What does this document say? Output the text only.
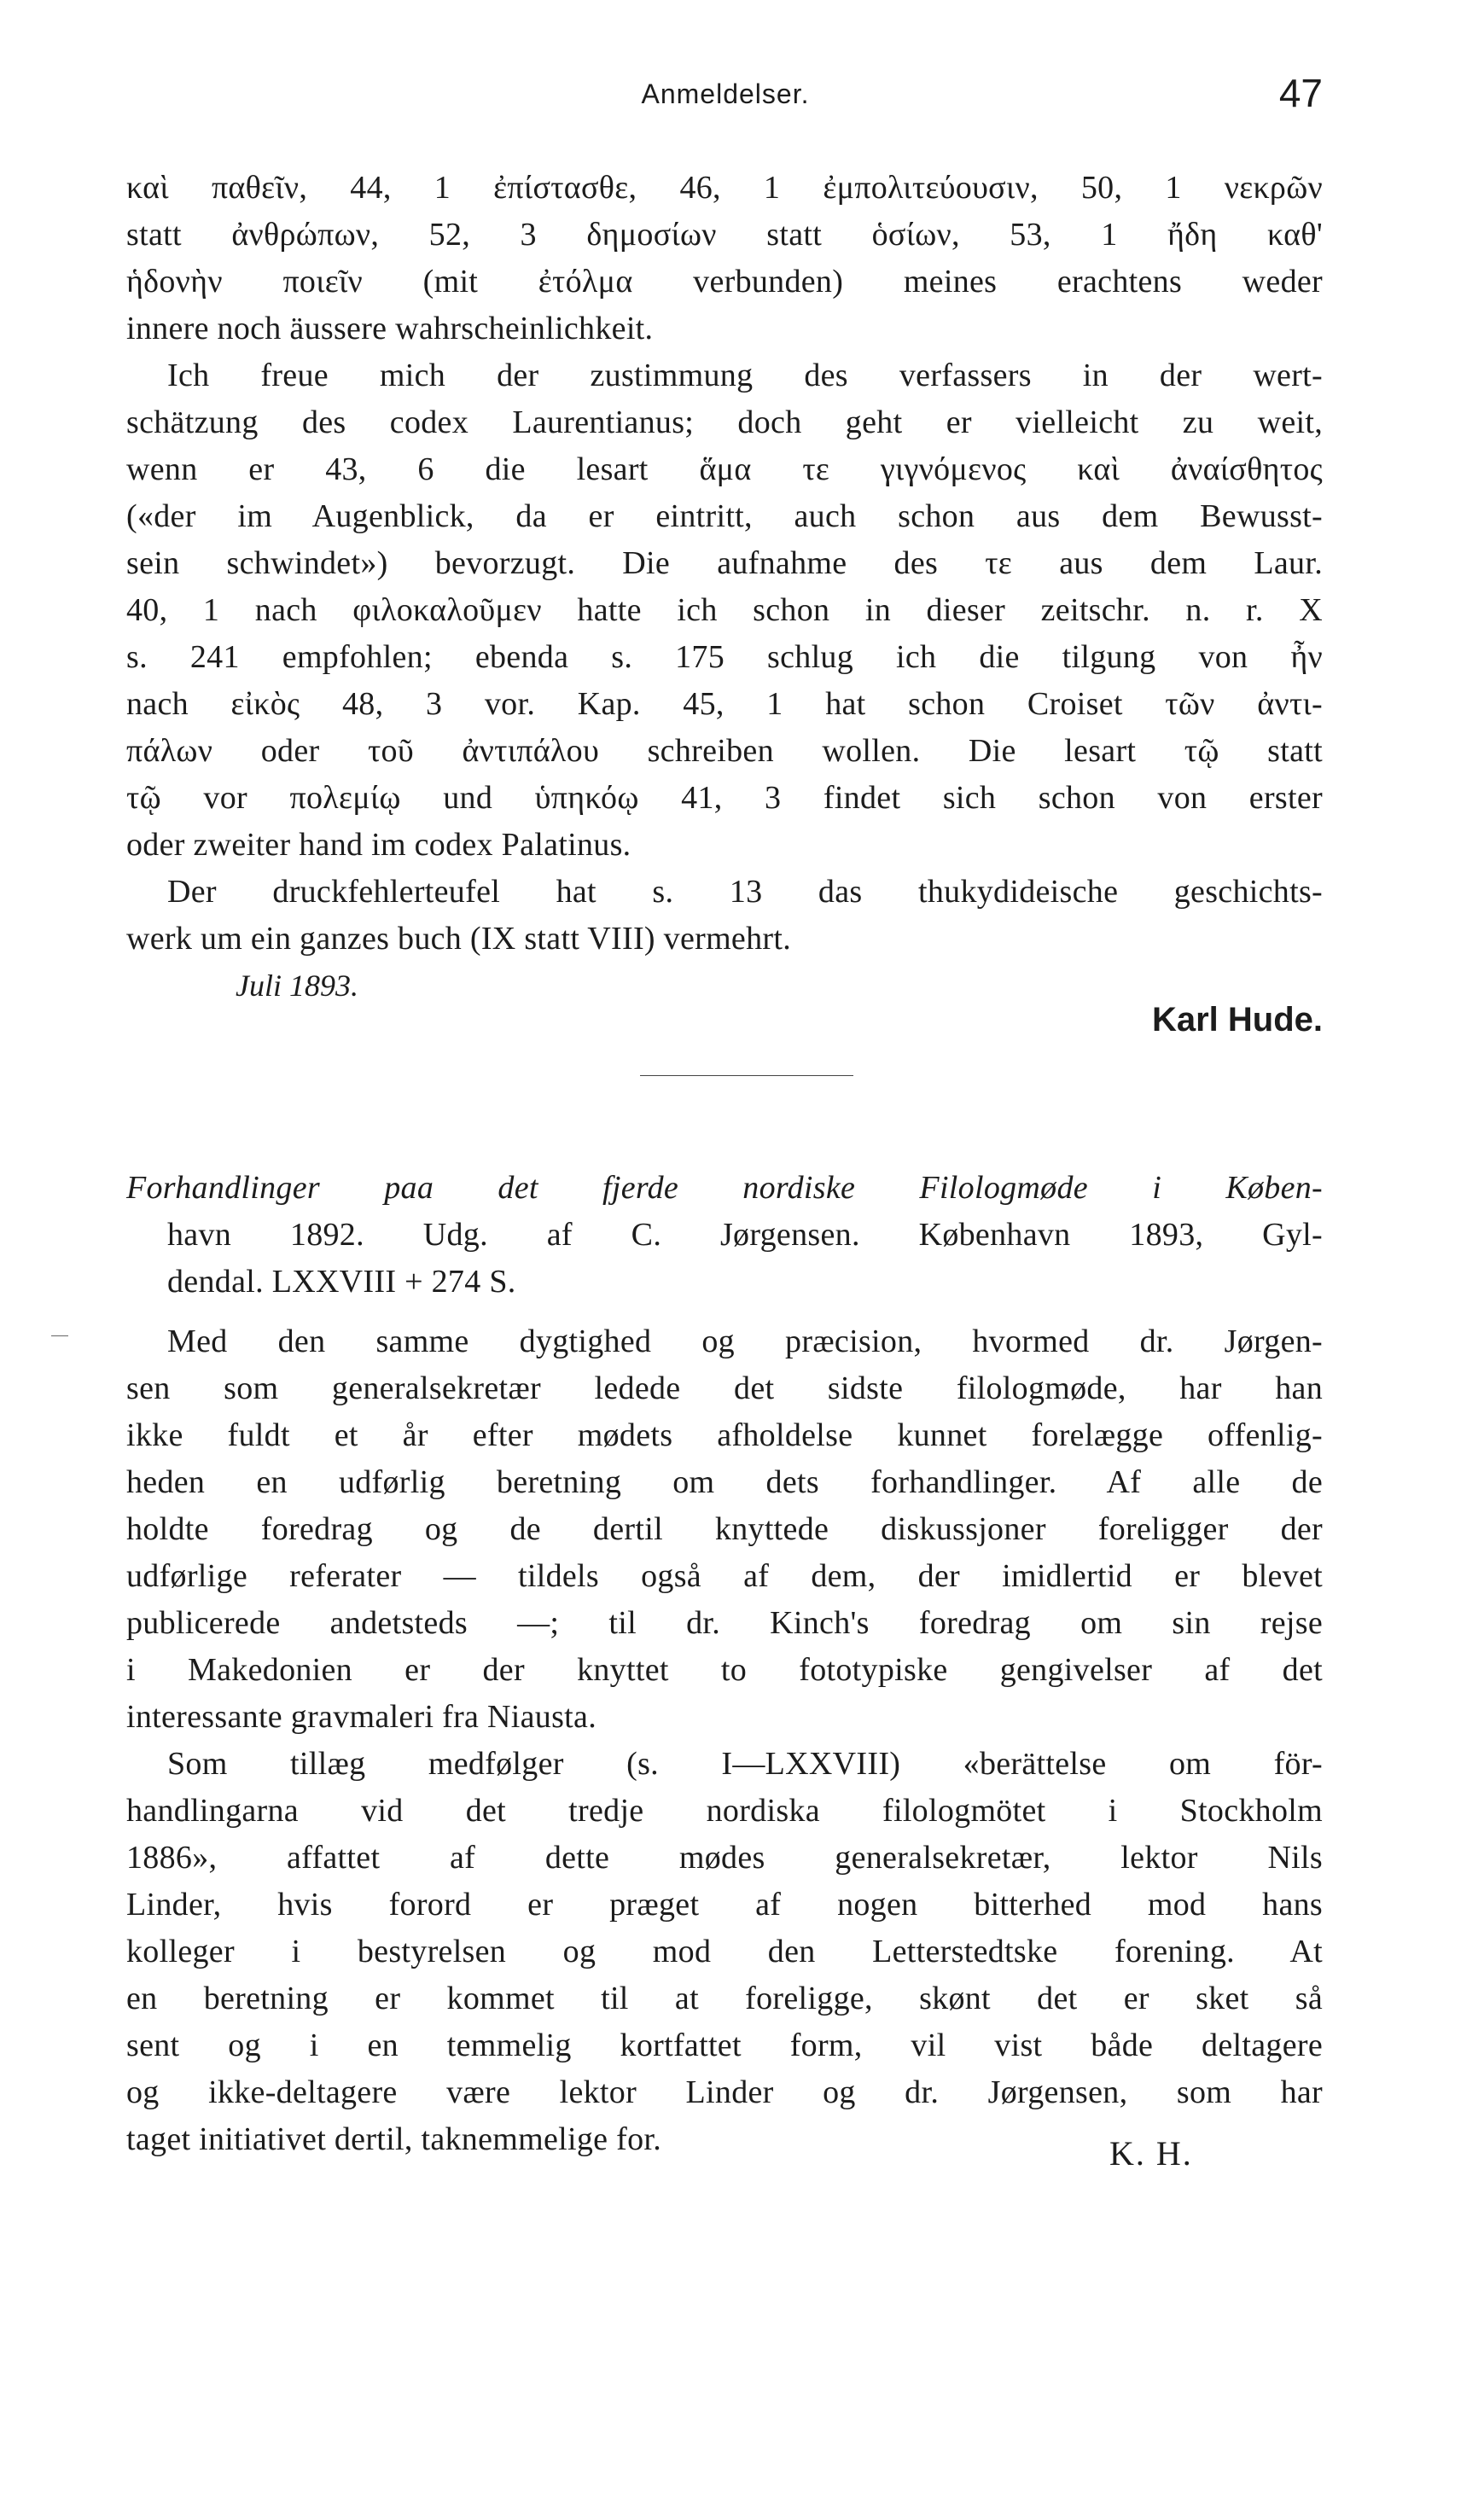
Anmeldelser.	47
καὶ παθεῖν, 44, 1 ἐπίστασθε, 46, 1 ἐμπολιτεύουσιν, 50, 1 νεκρῶν
statt ἀνθρώπων, 52, 3 δημοσίων statt ὁσίων, 53, 1 ἤδη καθ'
ἡδονὴν ποιεῖν (mit ἐτόλμα verbunden) meines erachtens weder
innere noch äussere wahrscheinlichkeit.
Ich freue mich der zustimmung des verfassers in der wert-
schätzung des codex Laurentianus; doch geht er vielleicht zu weit,
wenn er 43, 6 die lesart ἅμα τε γιγνόμενος καὶ ἀναίσθητος
(«der im Augenblick, da er eintritt, auch schon aus dem Bewusst-
sein schwindet») bevorzugt. Die aufnahme des τε aus dem Laur.
40, 1 nach φιλοκαλοῦμεν hatte ich schon in dieser zeitschr. n. r. X
s. 241 empfohlen; ebenda s. 175 schlug ich die tilgung von ἦν
nach εἰκὸς 48, 3 vor. Kap. 45, 1 hat schon Croiset τῶν ἀντι-
πάλων oder τοῦ ἀντιπάλου schreiben wollen. Die lesart τῷ statt
τῷ vor πολεμίῳ und ὑπηκόῳ 41, 3 findet sich schon von erster
oder zweiter hand im codex Palatinus.
Der druckfehlerteufel hat s. 13 das thukydideische geschichts-
werk um ein ganzes buch (IX statt VIII) vermehrt.
Juli 1893.
Karl Hude.
Forhandlinger paa det fjerde nordiske Filologmøde i Køben-
havn 1892. Udg. af C. Jørgensen. København 1893, Gyl-
dendal. LXXVIII + 274 S.
Med den samme dygtighed og præcision, hvormed dr. Jørgen-
sen som generalsekretær ledede det sidste filologmøde, har han
ikke fuldt et år efter mødets afholdelse kunnet forelægge offenlig-
heden en udførlig beretning om dets forhandlinger. Af alle de
holdte foredrag og de dertil knyttede diskussjoner foreligger der
udførlige referater — tildels også af dem, der imidlertid er blevet
publicerede andetsteds —; til dr. Kinch's foredrag om sin rejse
i Makedonien er der knyttet to fototypiske gengivelser af det
interessante gravmaleri fra Niausta.
Som tillæg medfølger (s. I—LXXVIII) «berättelse om för-
handlingarna vid det tredje nordiska filologmötet i Stockholm
1886», affattet af dette mødes generalsekretær, lektor Nils
Linder, hvis forord er præget af nogen bitterhed mod hans
kolleger i bestyrelsen og mod den Letterstedtske forening. At
en beretning er kommet til at foreligge, skønt det er sket så
sent og i en temmelig kortfattet form, vil vist både deltagere
og ikke-deltagere være lektor Linder og dr. Jørgensen, som har
taget initiativet dertil, taknemmelige for.	K. H.
